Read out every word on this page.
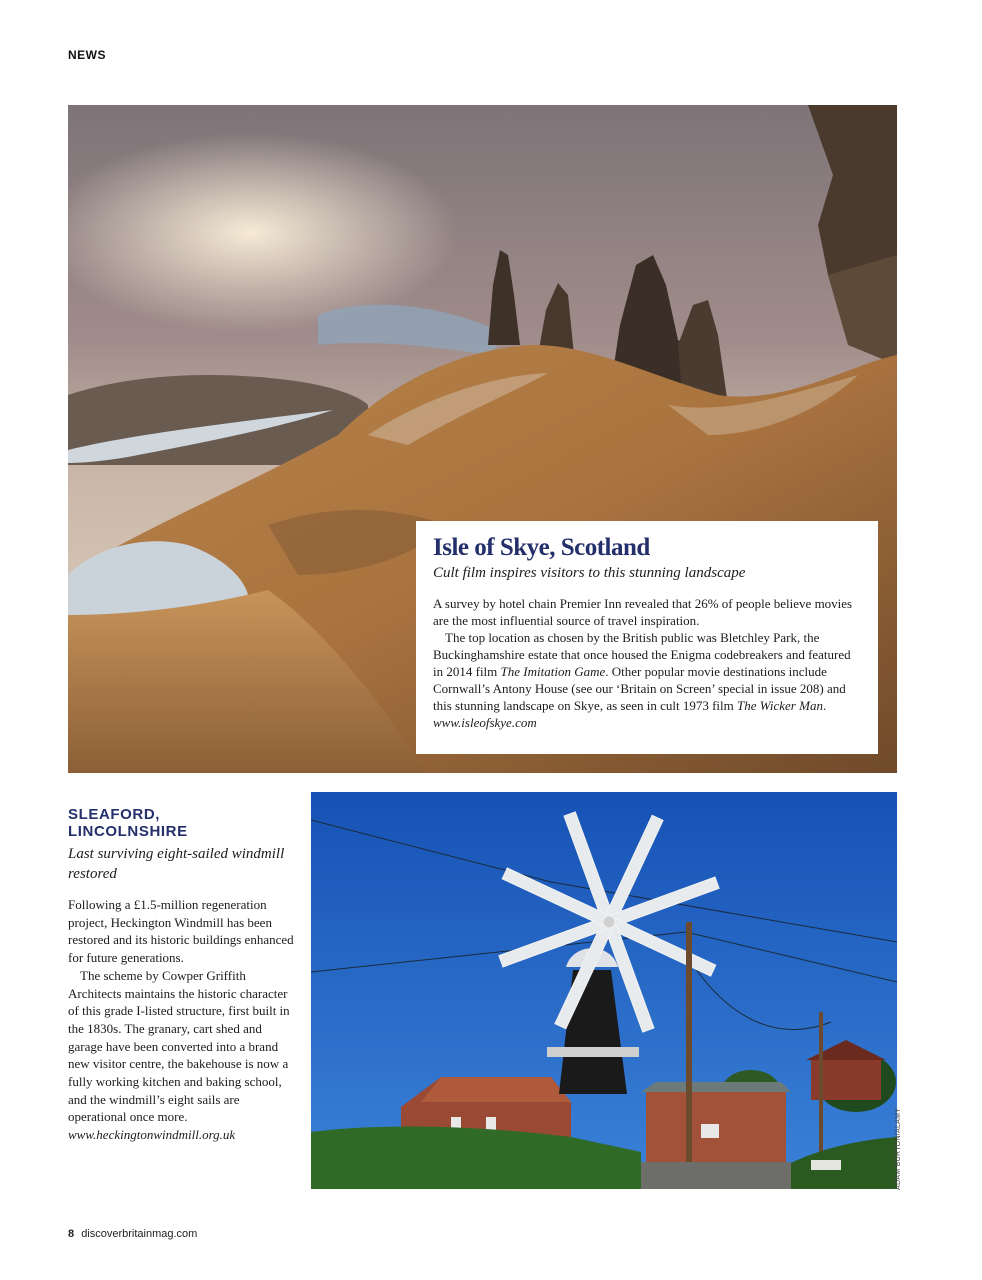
NEWS
Isle of Skye, Scotland

Cult film inspires visitors to this stunning landscape

A survey by hotel chain Premier Inn revealed that 26% of people believe movies are the most influential source of travel inspiration.

The top location as chosen by the British public was Bletchley Park, the Buckinghamshire estate that once housed the Enigma codebreakers and featured in 2014 film The Imitation Game. Other popular movie destinations include Cornwall’s Antony House (see our ‘Britain on Screen’ special in issue 208) and this stunning landscape on Skye, as seen in cult 1973 film The Wicker Man. www.isleofskye.com

SLEAFORD,
LINCOLNSHIRE

Last surviving eight-sailed windmill restored

Following a £1.5-million regeneration project, Heckington Windmill has been restored and its historic buildings enhanced for future generations.

The scheme by Cowper Griffith Architects maintains the historic character of this grade I-listed structure, first built in the 1830s. The granary, cart shed and garage have been converted into a brand new visitor centre, the bakehouse is now a fully working kitchen and baking school, and the windmill’s eight sails are operational once more.

www.heckingtonwindmill.org.uk	ADAM BURTON/ALAMY
8 discoverbritainmag.com
